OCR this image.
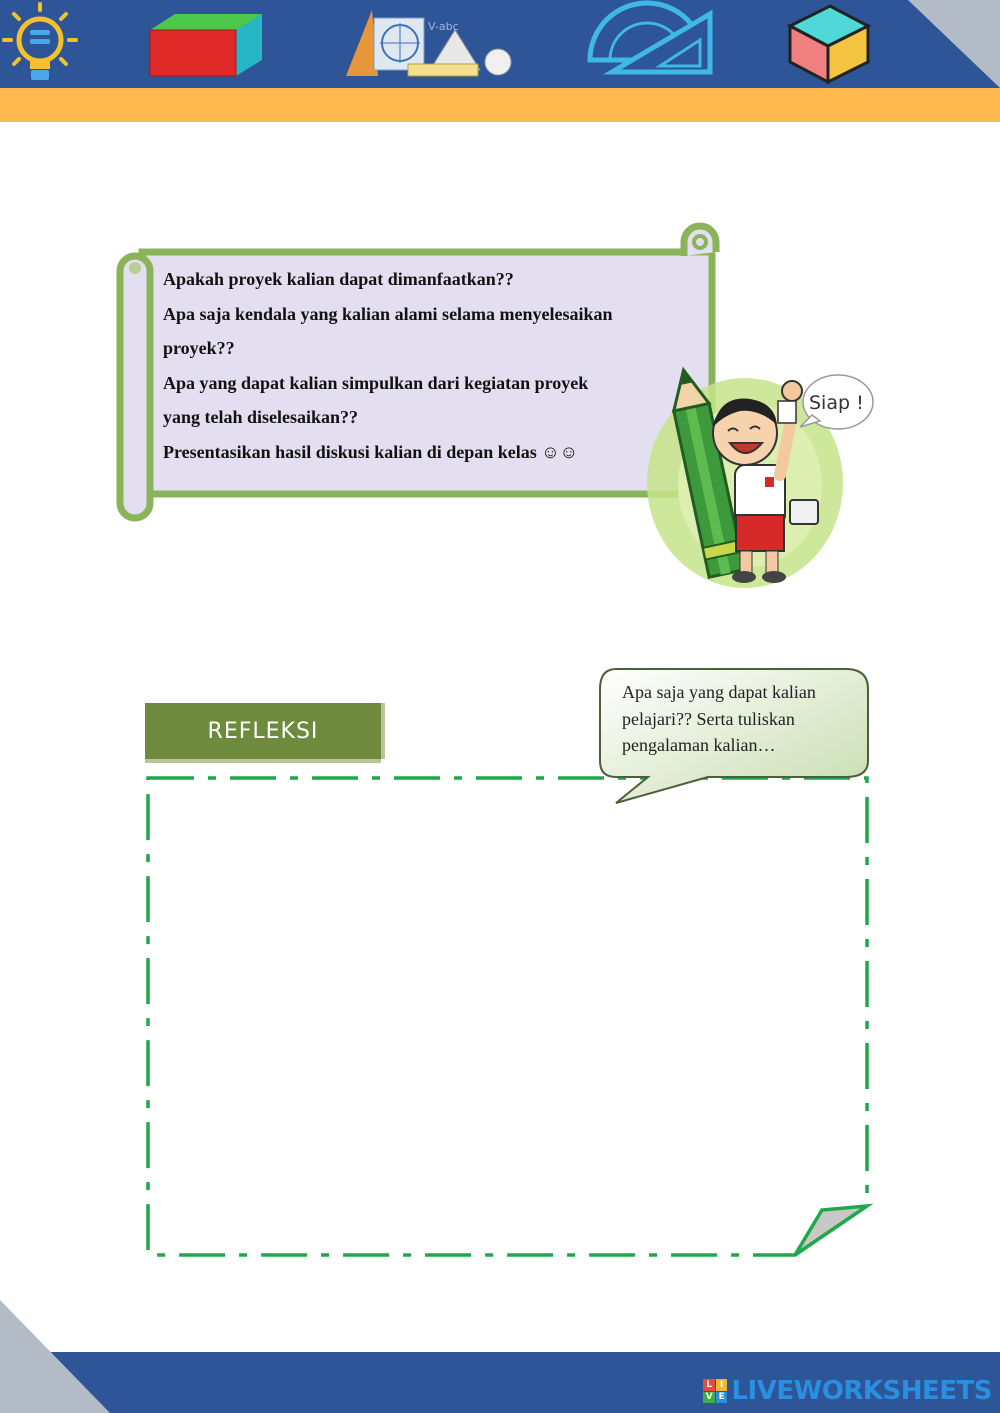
V-abc

Apakah proyek kalian dapat dimanfaatkan??

Apa saja kendala yang kalian alami selama menyelesaikan

proyek??

Apa yang dapat kalian simpulkan dari kegiatan proyek

yang telah diselesaikan??

Presentasikan hasil diskusi kalian di depan kelas ☺☺

Siap !
REFLEKSI
Apa saja yang dapat kalian
pelajari?? Serta tuliskan
pengalaman kalian…
L I
V E LIVEWORKSHEETS
